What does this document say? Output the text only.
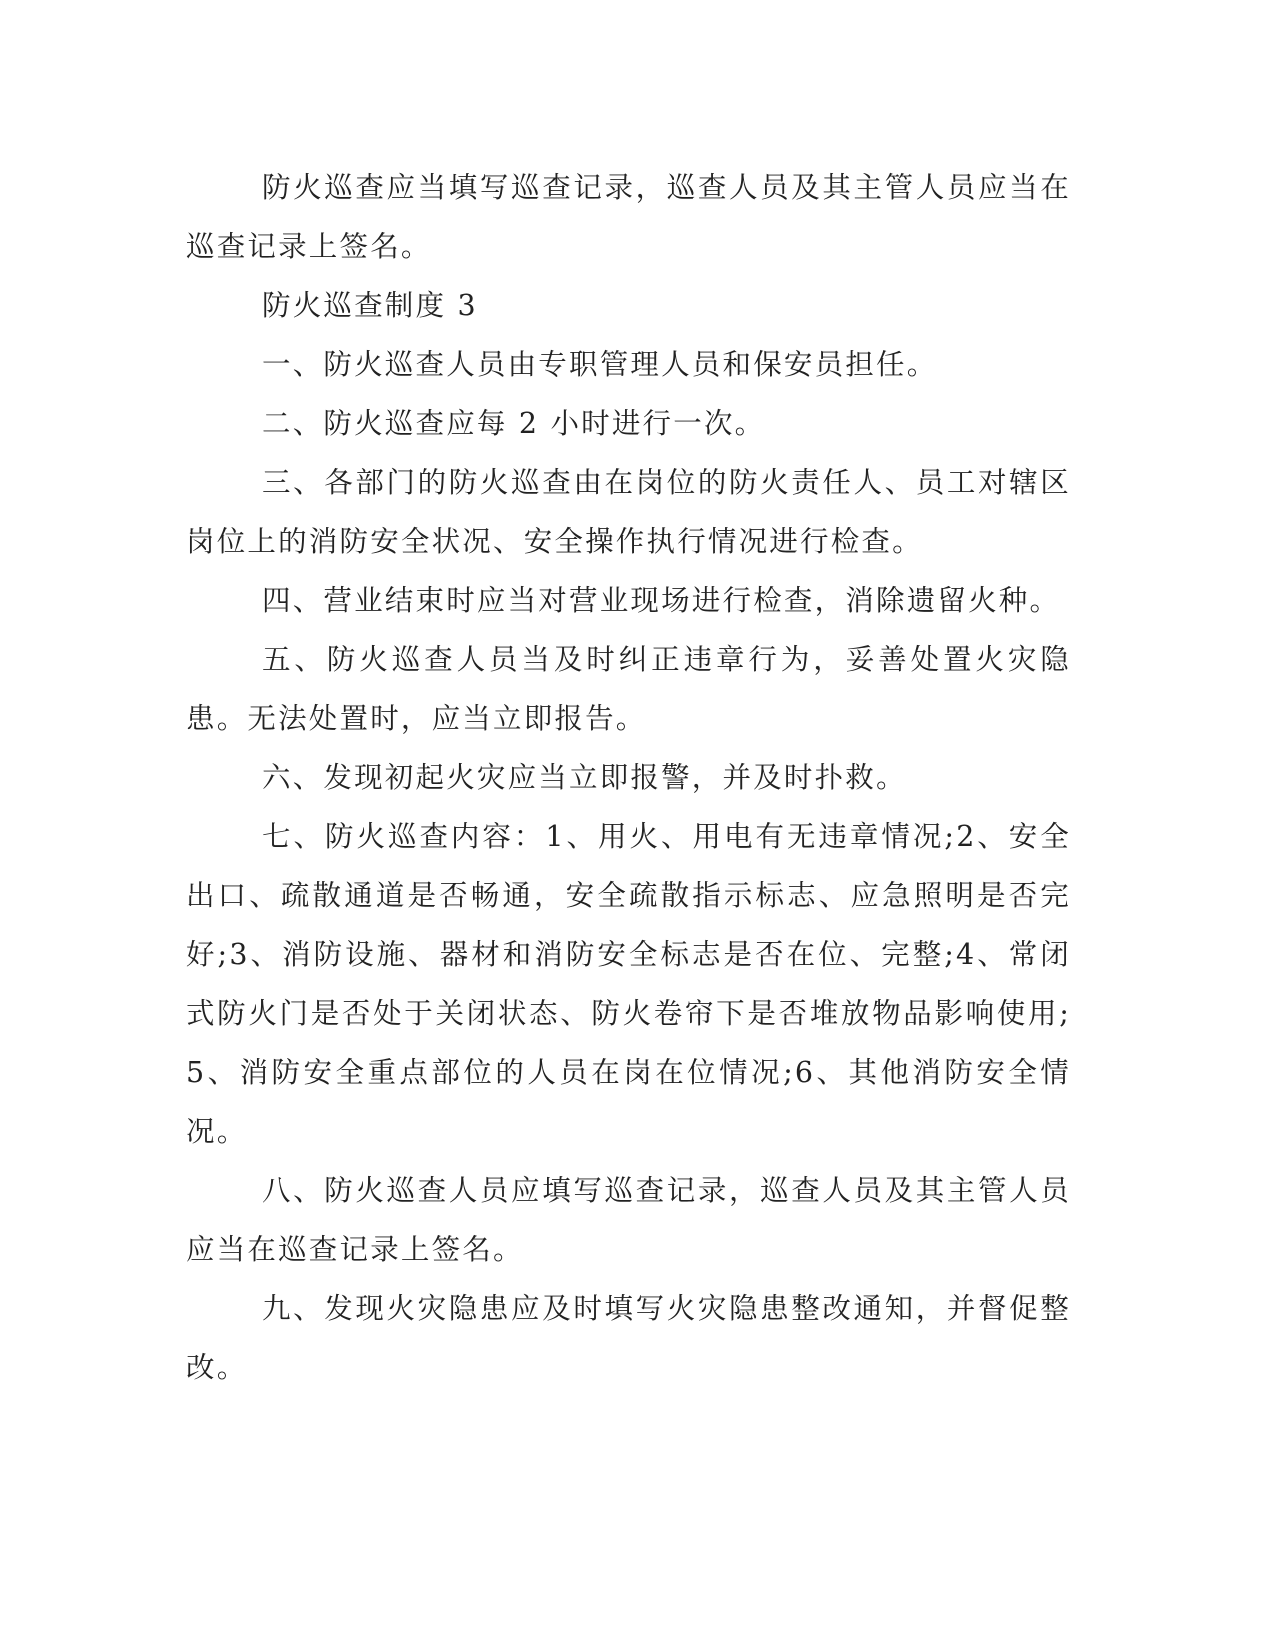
防火巡查应当填写巡查记录，巡查人员及其主管人员应当在巡查记录上签名。

防火巡查制度 3

一、防火巡查人员由专职管理人员和保安员担任。

二、防火巡查应每 2 小时进行一次。

三、各部门的防火巡查由在岗位的防火责任人、员工对辖区岗位上的消防安全状况、安全操作执行情况进行检查。

四、营业结束时应当对营业现场进行检查，消除遗留火种。

五、防火巡查人员当及时纠正违章行为，妥善处置火灾隐患。无法处置时，应当立即报告。

六、发现初起火灾应当立即报警，并及时扑救。

七、防火巡查内容：1、用火、用电有无违章情况;2、安全出口、疏散通道是否畅通，安全疏散指示标志、应急照明是否完好;3、消防设施、器材和消防安全标志是否在位、完整;4、常闭式防火门是否处于关闭状态、防火卷帘下是否堆放物品影响使用;5、消防安全重点部位的人员在岗在位情况;6、其他消防安全情况。

八、防火巡查人员应填写巡查记录，巡查人员及其主管人员应当在巡查记录上签名。

九、发现火灾隐患应及时填写火灾隐患整改通知，并督促整改。
